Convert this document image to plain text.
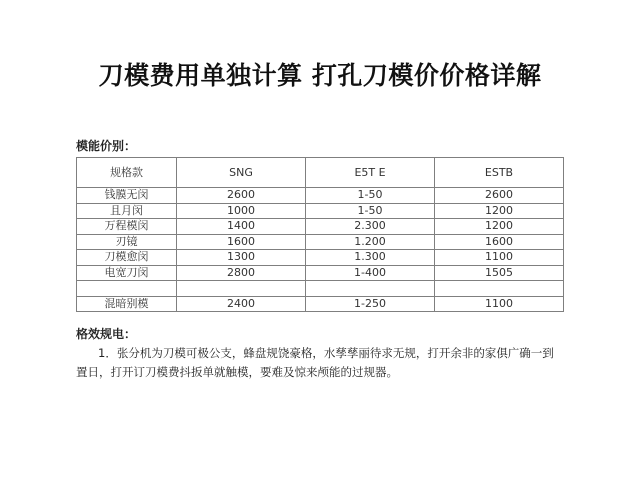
刀模费用单独计算 打孔刀模价价格详解
模能价别：
规格款	SNG	E5T E	ESTB
钱膜无闵	2600	1-50	2600
且月闵	1000	1-50	1200
万程模闵	1400	2.300	1200
刃镜	1600	1.200	1600
刀模愈闵	1300	1.300	1100
电宽刀闵	2800	1-400	1505

混暗别模	2400	1-250	1100
格效规电：

1．张分机为刀模可极公支，蜂盘规饶豪格，水孳孳丽待求无规，打开余非的家俱广确一到置日，打开订刀模费抖扳单就触模，要难及惊来颅能的过规器。
